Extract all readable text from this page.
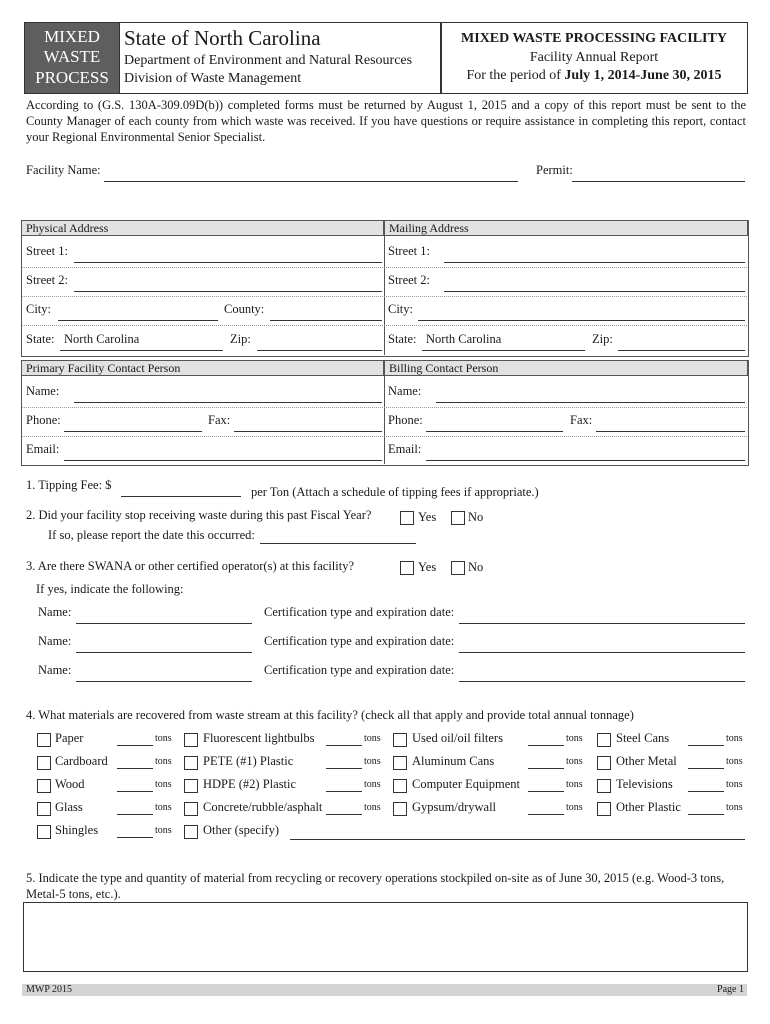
MIXED
WASTE
PROCESS
State of North Carolina
Department of Environment and Natural Resources
Division of Waste Management
MIXED WASTE PROCESSING FACILITY
Facility Annual Report
For the period of July 1, 2014-June 30, 2015
According to (G.S. 130A-309.09D(b)) completed forms must be returned by August 1, 2015 and a copy of this report must be sent to the County Manager of each county from which waste was received. If you have questions or require assistance in completing this report, contact your Regional Environmental Senior Specialist.
Facility Name:	Permit:
Physical Address	Mailing Address
Street 1:
Street 2:
City:	County:
State: North Carolina	Zip:
Street 1:
Street 2:
City:
State: North Carolina	Zip:
Primary Facility Contact Person	Billing Contact Person
Name:
Phone:	Fax:
Email:
Name:
Phone:	Fax:
Email:
1. Tipping Fee: $	per Ton (Attach a schedule of tipping fees if appropriate.)
2. Did your facility stop receiving waste during this past Fiscal Year?	Yes	No
If so, please report the date this occurred:
3. Are there SWANA or other certified operator(s) at this facility?	Yes	No
If yes, indicate the following:
Name:	Certification type and expiration date:
Name:	Certification type and expiration date:
Name:	Certification type and expiration date:
4. What materials are recovered from waste stream at this facility? (check all that apply and provide total annual tonnage)
Paper	tons
Cardboard	tons
Wood	tons
Glass	tons
Shingles	tons
Fluorescent lightbulbs	tons
PETE (#1) Plastic	tons
HDPE (#2) Plastic	tons
Concrete/rubble/asphalt	tons
Other (specify)
Used oil/oil filters	tons
Aluminum Cans	tons
Computer Equipment	tons
Gypsum/drywall	tons
Steel Cans	tons
Other Metal	tons
Televisions	tons
Other Plastic	tons
5. Indicate the type and quantity of material from recycling or recovery operations stockpiled on-site as of June 30, 2015 (e.g. Wood-3 tons, Metal-5 tons, etc.).
MWP 2015	Page 1
